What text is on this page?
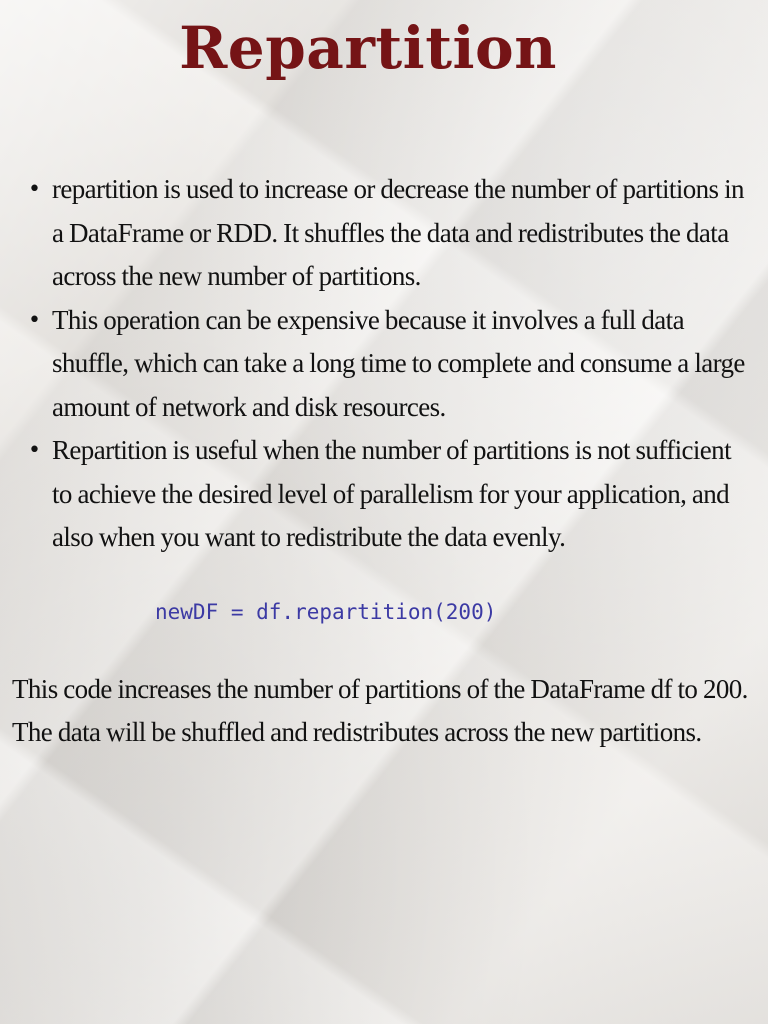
Repartition
• repartition is used to increase or decrease the number of partitions in a DataFrame or RDD. It shuffles the data and redistributes the data across the new number of partitions.
• This operation can be expensive because it involves a full data shuffle, which can take a long time to complete and consume a large amount of network and disk resources.
• Repartition is useful when the number of partitions is not sufficient to achieve the desired level of parallelism for your application, and also when you want to redistribute the data evenly.
newDF = df.repartition(200)

This code increases the number of partitions of the DataFrame df to 200. The data will be shuffled and redistributes across the new partitions.
